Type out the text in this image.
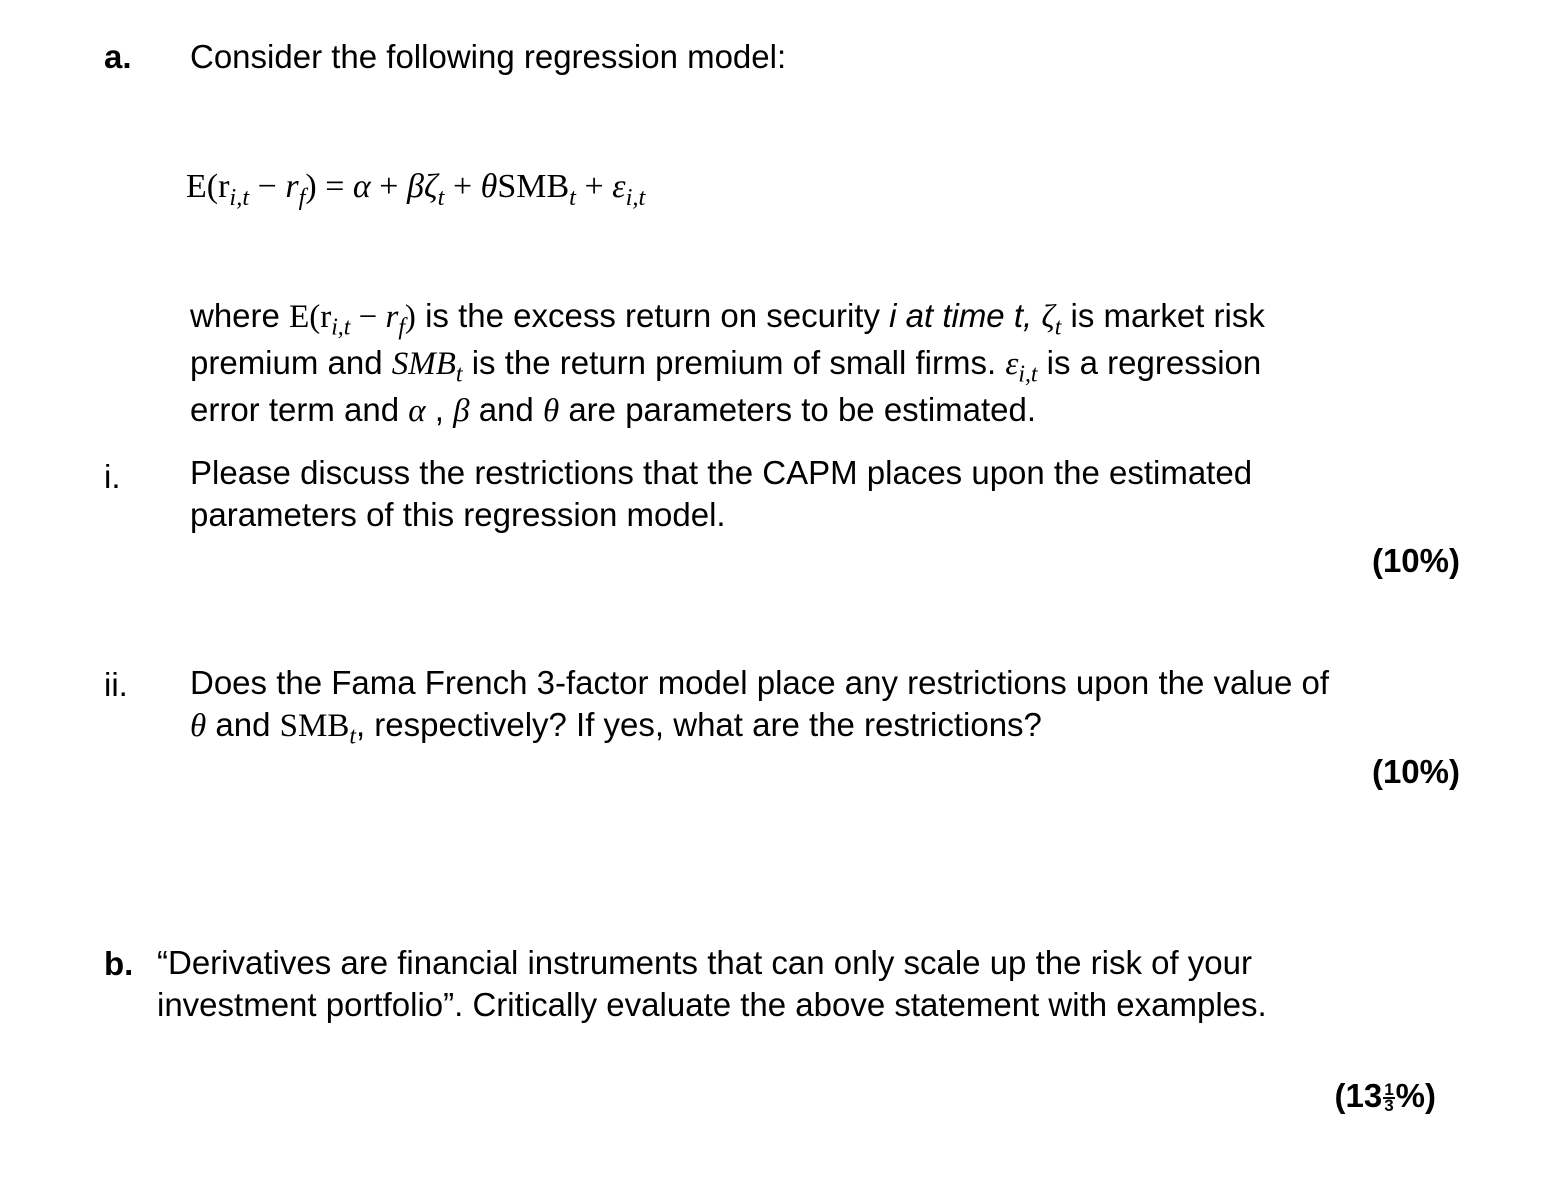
a. Consider the following regression model:
$E(r_{i,t} - r_f) = \alpha + \beta\zeta_t + \theta SMB_t + \varepsilon_{i,t}$
where $E(r_{i,t} - r_f)$ is the excess return on security i at time t, $\zeta_t$ is market risk
premium and $SMB_t$ is the return premium of small firms. $\varepsilon_{i,t}$ is a regression
error term and α , β and θ are parameters to be estimated.
i. Please discuss the restrictions that the CAPM places upon the estimated
parameters of this regression model.
(10%)
ii. Does the Fama French 3-factor model place any restrictions upon the value of
θ and $SMB_t$, respectively? If yes, what are the restrictions?
(10%)
b. “Derivatives are financial instruments that can only scale up the risk of your
investment portfolio”. Critically evaluate the above statement with examples.
($13 \frac{1}{3}$ %)
